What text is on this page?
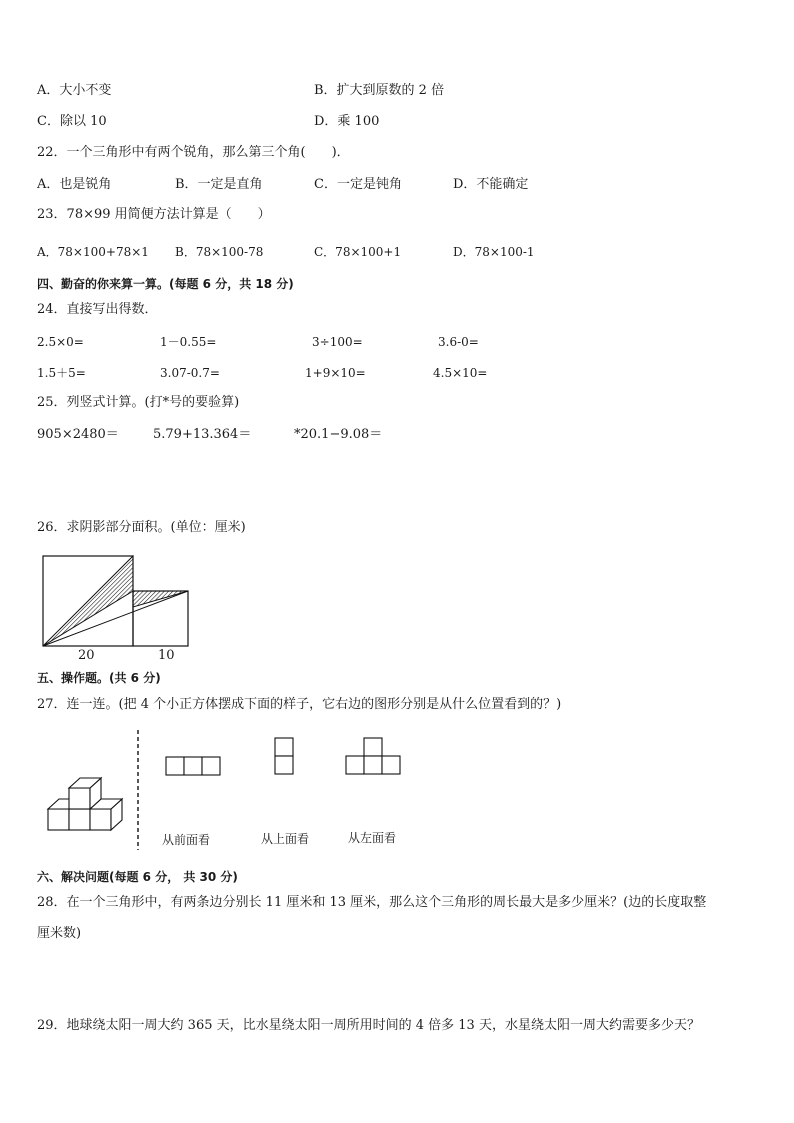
A．大小不变	B．扩大到原数的 2 倍
C．除以 10	D．乘 100
22．一个三角形中有两个锐角，那么第三个角(　　)．
A．也是锐角	B．一定是直角	C．一定是钝角	D．不能确定
23．78×99 用简便方法计算是（　　）
A．78×100+78×1 B．78×100-78	C．78×100+1	D．78×100-1
四、勤奋的你来算一算。(每题 6 分，共 18 分)
24．直接写出得数．
2.5×0=	1－0.55=	3÷100=	3.6-0=
1.5＋5=	3.07-0.7=	1+9×10=	4.5×10=
25．列竖式计算。(打*号的要验算)
905×2480＝	5.79+13.364＝	*20.1−9.08＝
26．求阴影部分面积。(单位：厘米)
20	10
五、操作题。(共 6 分)
27．连一连。(把 4 个小正方体摆成下面的样子，它右边的图形分别是从什么位置看到的？)
从前面看	从上面看	从左面看
六、解决问题(每题 6 分， 共 30 分)
28．在一个三角形中，有两条边分别长 11 厘米和 13 厘米，那么这个三角形的周长最大是多少厘米？(边的长度取整
厘米数)
29．地球绕太阳一周大约 365 天，比水星绕太阳一周所用时间的 4 倍多 13 天，水星绕太阳一周大约需要多少天？
